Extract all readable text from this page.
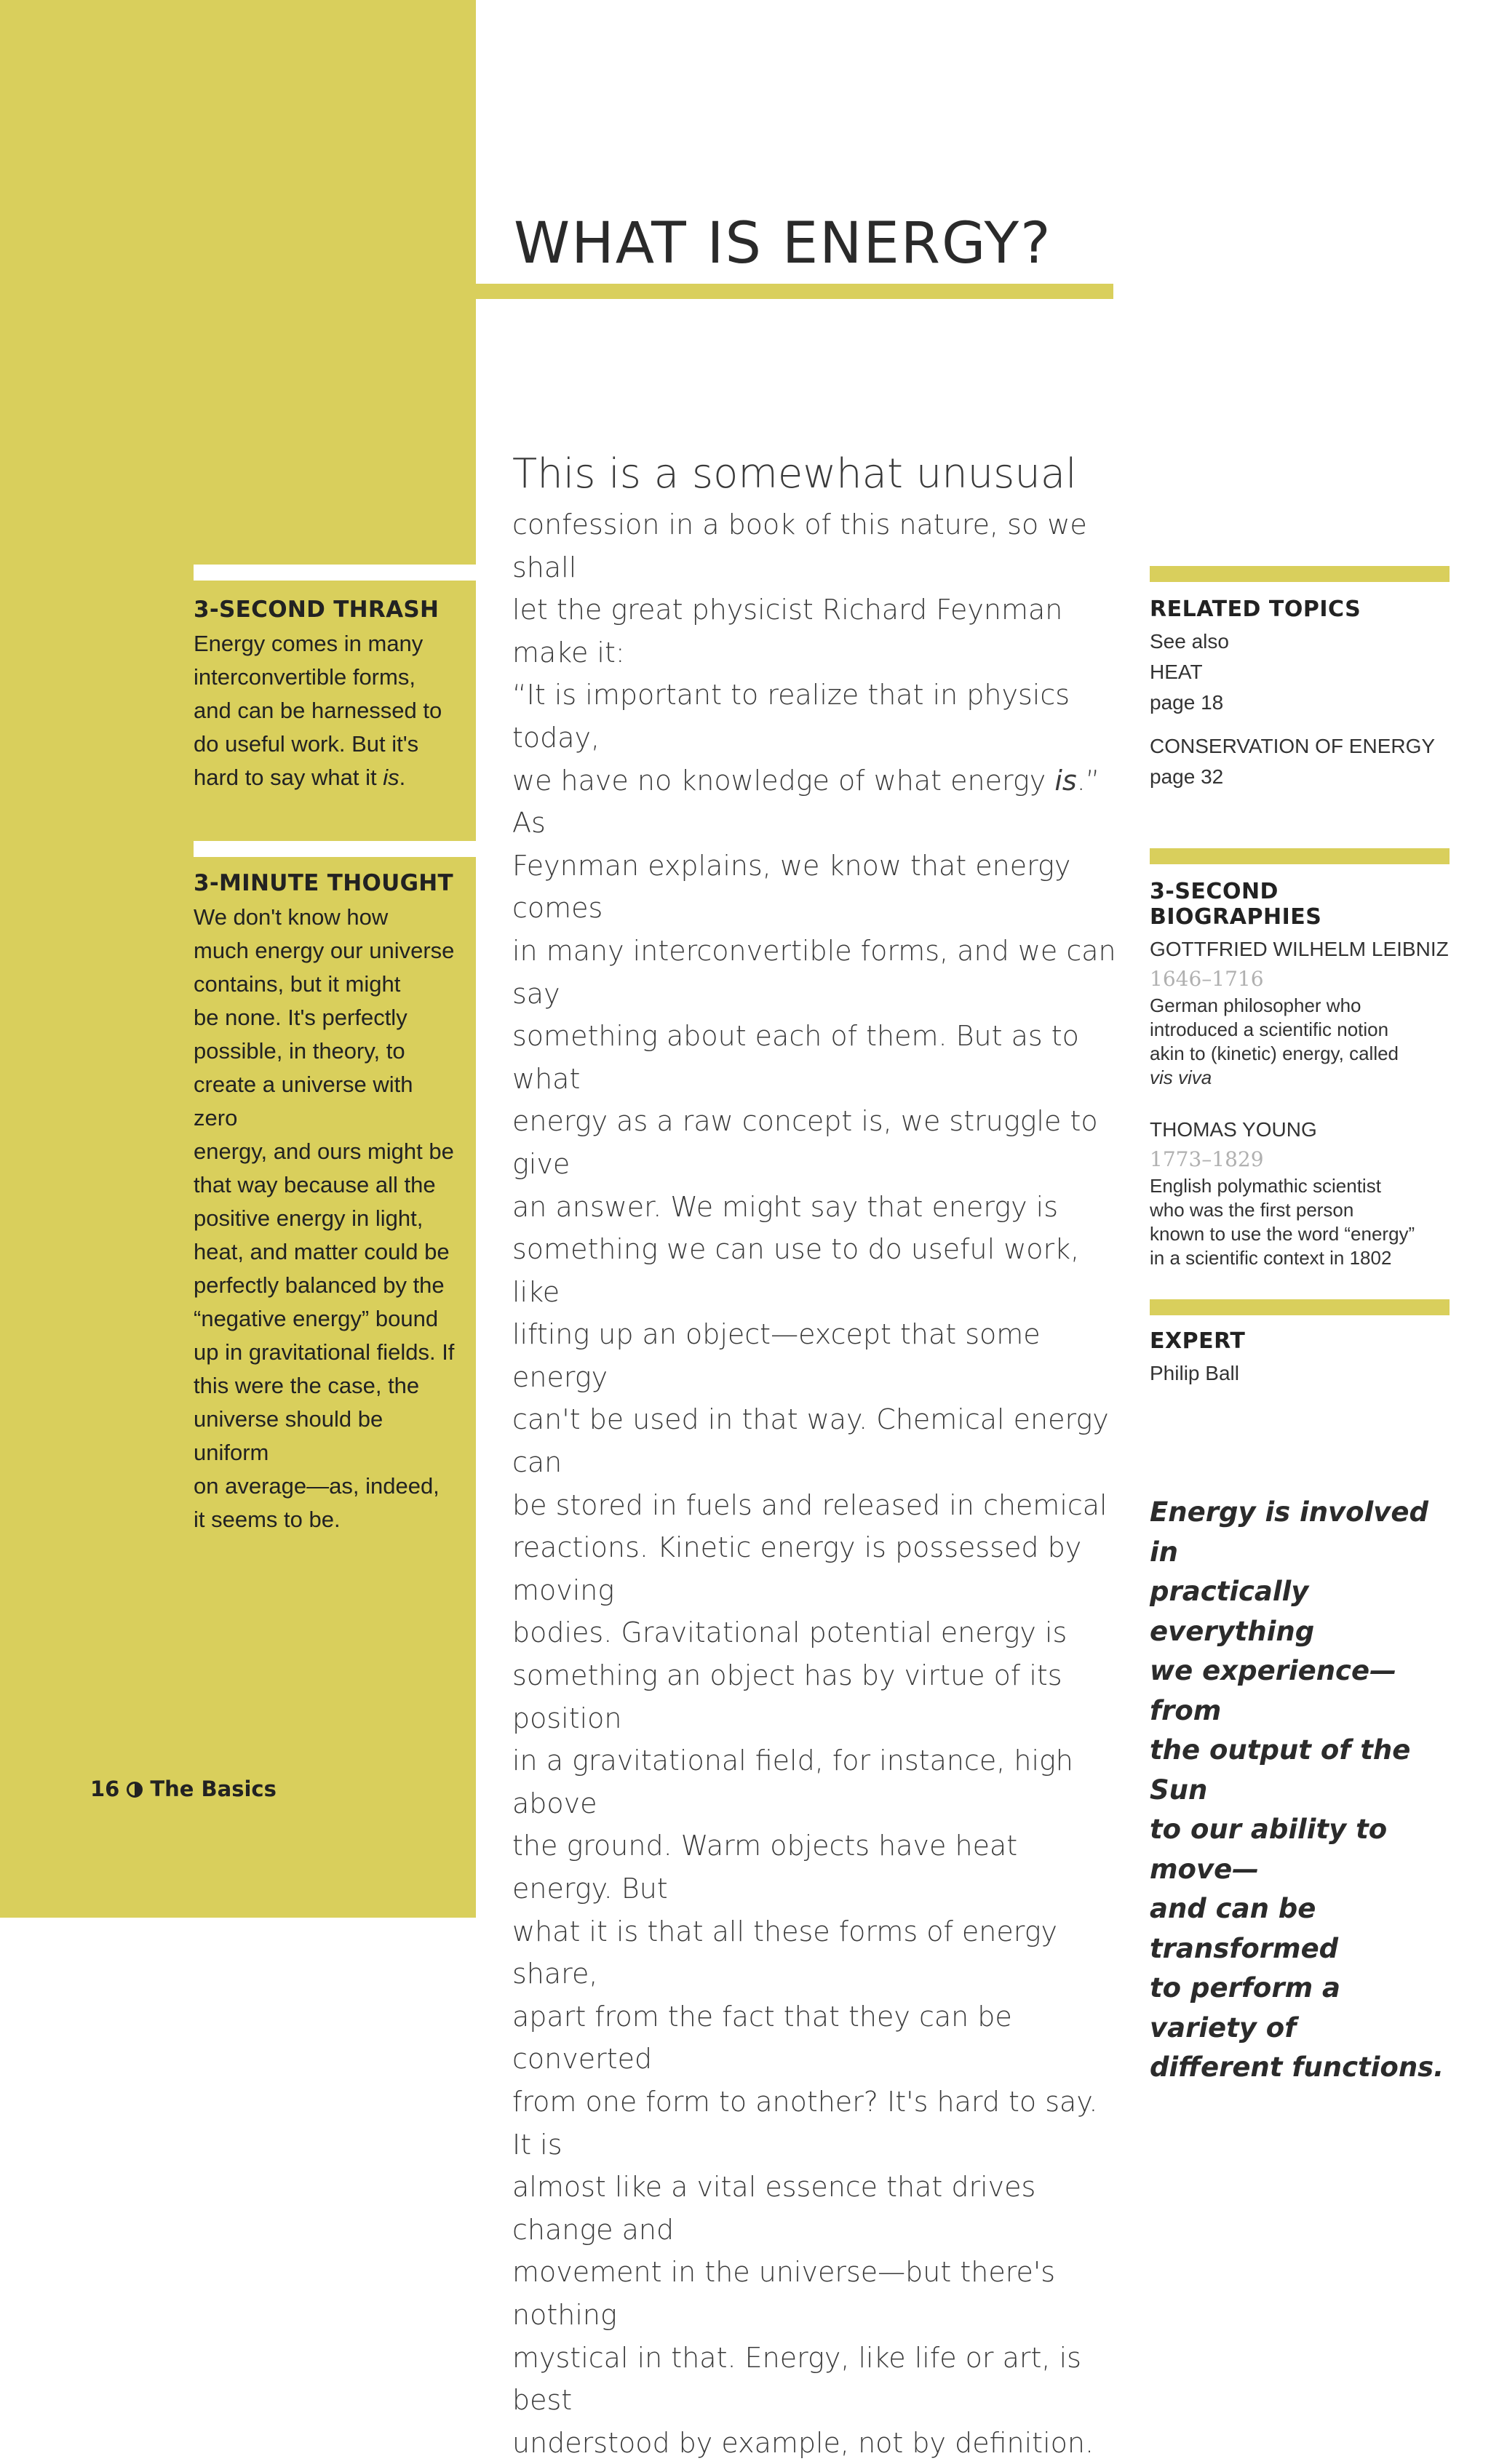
3-SECOND THRASH

Energy comes in many
interconvertible forms,
and can be harnessed to
do useful work. But it's
hard to say what it is.

3-MINUTE THOUGHT

We don't know how
much energy our universe
contains, but it might
be none. It's perfectly
possible, in theory, to
create a universe with zero
energy, and ours might be
that way because all the
positive energy in light,
heat, and matter could be
perfectly balanced by the
“negative energy” bound
up in gravitational fields. If
this were the case, the
universe should be uniform
on average—as, indeed,
it seems to be.

WHAT IS ENERGY?

This is a somewhat unusual
confession in a book of this nature, so we shall
let the great physicist Richard Feynman make it:
“It is important to realize that in physics today,
we have no knowledge of what energy is.” As
Feynman explains, we know that energy comes
in many interconvertible forms, and we can say
something about each of them. But as to what
energy as a raw concept is, we struggle to give
an answer. We might say that energy is
something we can use to do useful work, like
lifting up an object—except that some energy
can't be used in that way. Chemical energy can
be stored in fuels and released in chemical
reactions. Kinetic energy is possessed by moving
bodies. Gravitational potential energy is
something an object has by virtue of its position
in a gravitational field, for instance, high above
the ground. Warm objects have heat energy. But
what it is that all these forms of energy share,
apart from the fact that they can be converted
from one form to another? It's hard to say. It is
almost like a vital essence that drives change and
movement in the universe—but there's nothing
mystical in that. Energy, like life or art, is best
understood by example, not by definition.

RELATED TOPICS

See also

HEAT

page 18

CONSERVATION OF ENERGY

page 32

3-SECOND BIOGRAPHIES

GOTTFRIED WILHELM LEIBNIZ

1646–1716

German philosopher who
introduced a scientific notion
akin to (kinetic) energy, called
vis viva

THOMAS YOUNG

1773–1829

English polymathic scientist
who was the first person
known to use the word “energy”
in a scientific context in 1802

EXPERT

Philip Ball

Energy is involved in
practically everything
we experience—from
the output of the Sun
to our ability to move—
and can be transformed
to perform a variety of
different functions.

16 The Basics
